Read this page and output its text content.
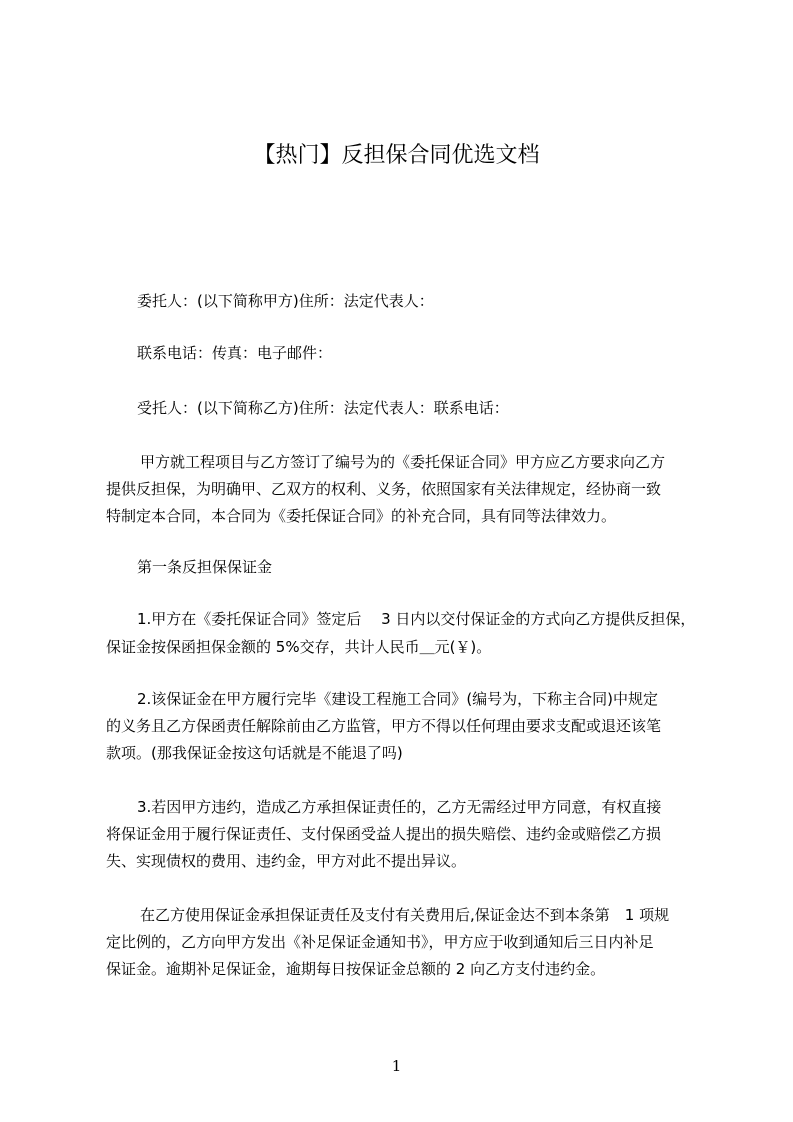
【热门】反担保合同优选文档
委托人：(以下简称甲方)住所：法定代表人：
联系电话：传真：电子邮件：
受托人：(以下简称乙方)住所：法定代表人：联系电话：
甲方就工程项目与乙方签订了编号为的《委托保证合同》甲方应乙方要求向乙方
提供反担保，为明确甲、乙双方的权利、义务，依照国家有关法律规定，经协商一致
特制定本合同，本合同为《委托保证合同》的补充合同，具有同等法律效力。
第一条反担保保证金
1.甲方在《委托保证合同》签定后　 3 日内以交付保证金的方式向乙方提供反担保，
保证金按保函担保金额的 5%交存，共计人民币＿元(￥)。
2.该保证金在甲方履行完毕《建设工程施工合同》(编号为，下称主合同)中规定
的义务且乙方保函责任解除前由乙方监管，甲方不得以任何理由要求支配或退还该笔
款项。(那我保证金按这句话就是不能退了吗)
3.若因甲方违约，造成乙方承担保证责任的，乙方无需经过甲方同意，有权直接
将保证金用于履行保证责任、支付保函受益人提出的损失赔偿、违约金或赔偿乙方损
失、实现债权的费用、违约金，甲方对此不提出异议。
在乙方使用保证金承担保证责任及支付有关费用后,保证金达不到本条第　1 项规
定比例的，乙方向甲方发出《补足保证金通知书》，甲方应于收到通知后三日内补足
保证金。逾期补足保证金，逾期每日按保证金总额的 2 向乙方支付违约金。
1
